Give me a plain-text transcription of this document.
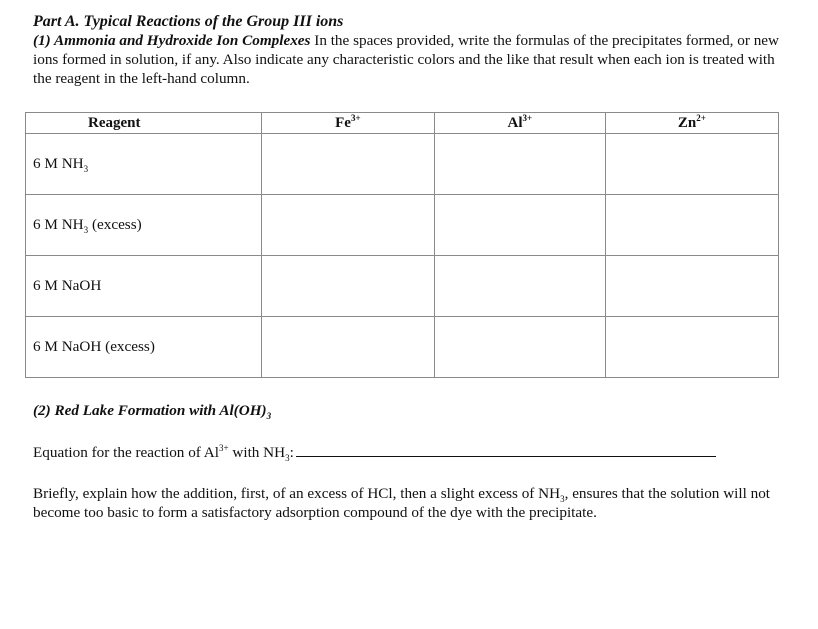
Part A. Typical Reactions of the Group III ions

(1) Ammonia and Hydroxide Ion Complexes In the spaces provided, write the formulas of the precipitates formed, or new ions formed in solution, if any. Also indicate any characteristic colors and the like that result when each ion is treated with the reagent in the left-hand column.

Reagent	$Fe^{3+}$	$Al^{3+}$	$Zn^{2+}$
6 M $NH_3$			
6 M $NH_3$ (excess)			
6 M NaOH			
6 M NaOH (excess)			

(2) Red Lake Formation with $Al(OH)_3$

Equation for the reaction of $Al^{3+}$ with $NH_3$:

Briefly, explain how the addition, first, of an excess of HCl, then a slight excess of $NH_3$, ensures that the solution will not become too basic to form a satisfactory adsorption compound of the dye with the precipitate.
